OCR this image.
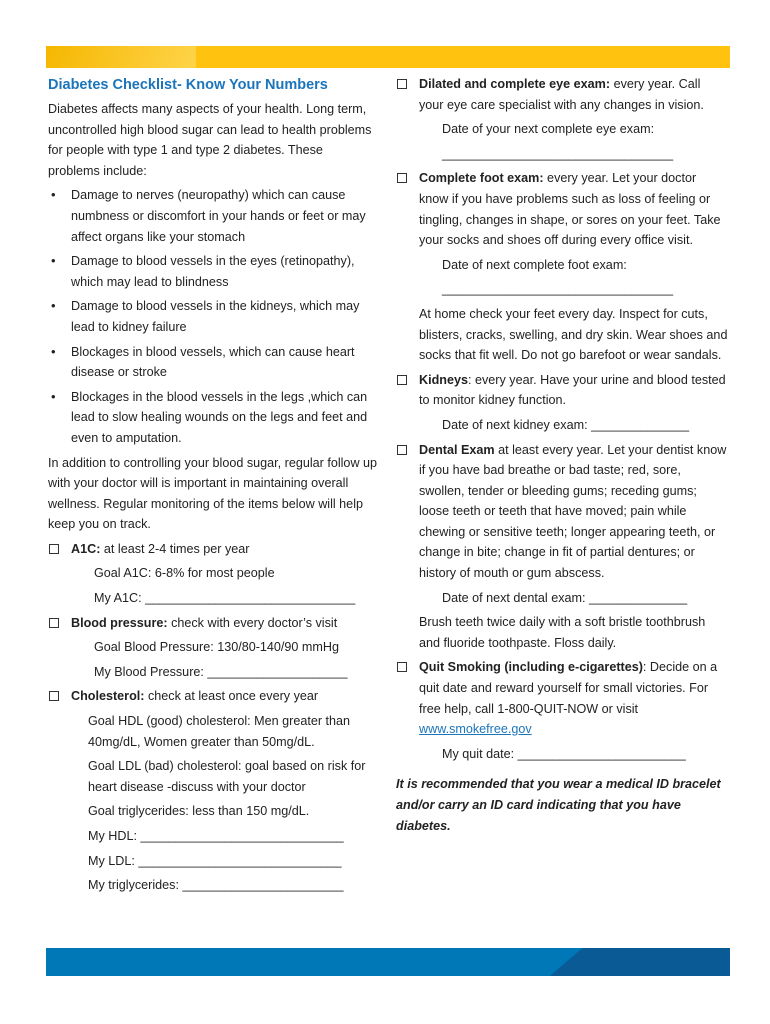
Diabetes Checklist- Know Your Numbers

Diabetes affects many aspects of your health. Long term, uncontrolled high blood sugar can lead to health problems for people with type 1 and type 2 diabetes. These problems include:

• Damage to nerves (neuropathy) which can cause numbness or discomfort in your hands or feet or may affect organs like your stomach
• Damage to blood vessels in the eyes (retinopathy), which may lead to blindness
• Damage to blood vessels in the kidneys, which may lead to kidney failure
• Blockages in blood vessels, which can cause heart disease or stroke
• Blockages in the blood vessels in the legs ,which can lead to slow healing wounds on the legs and feet and even to amputation.

In addition to controlling your blood sugar, regular follow up with your doctor will is important in maintaining overall wellness. Regular monitoring of the items below will help keep you on track.

A1C: at least 2-4 times per year
Goal A1C: 6-8% for most people
My A1C: ______________________________
Blood pressure: check with every doctor’s visit
Goal Blood Pressure: 130/80-140/90 mmHg
My Blood Pressure: ____________________
Cholesterol: check at least once every year
Goal HDL (good) cholesterol: Men greater than 40mg/dL, Women greater than 50mg/dL.
Goal LDL (bad) cholesterol: goal based on risk for heart disease -discuss with your doctor
Goal triglycerides: less than 150 mg/dL.
My HDL: _____________________________
My LDL: _____________________________
My triglycerides: _______________________
Dilated and complete eye exam: every year. Call your eye care specialist with any changes in vision.
Date of your next complete eye exam:
_________________________________
Complete foot exam: every year. Let your doctor know if you have problems such as loss of feeling or tingling, changes in shape, or sores on your feet. Take your socks and shoes off during every office visit.
Date of next complete foot exam:
_________________________________
At home check your feet every day. Inspect for cuts, blisters, cracks, swelling, and dry skin. Wear shoes and socks that fit well. Do not go barefoot or wear sandals.
Kidneys: every year. Have your urine and blood tested to monitor kidney function.
Date of next kidney exam: ______________
Dental Exam at least every year. Let your dentist know if you have bad breathe or bad taste; red, sore, swollen, tender or bleeding gums; receding gums; loose teeth or teeth that have moved; pain while chewing or sensitive teeth; longer appearing teeth, or change in bite; change in fit of partial dentures; or history of mouth or gum abscess.
Date of next dental exam: ______________
Brush teeth twice daily with a soft bristle toothbrush and fluoride toothpaste. Floss daily.
Quit Smoking (including e-cigarettes): Decide on a quit date and reward yourself for small victories. For free help, call 1-800-QUIT-NOW or visit www.smokefree.gov
My quit date: ________________________

It is recommended that you wear a medical ID bracelet and/or carry an ID card indicating that you have diabetes.
